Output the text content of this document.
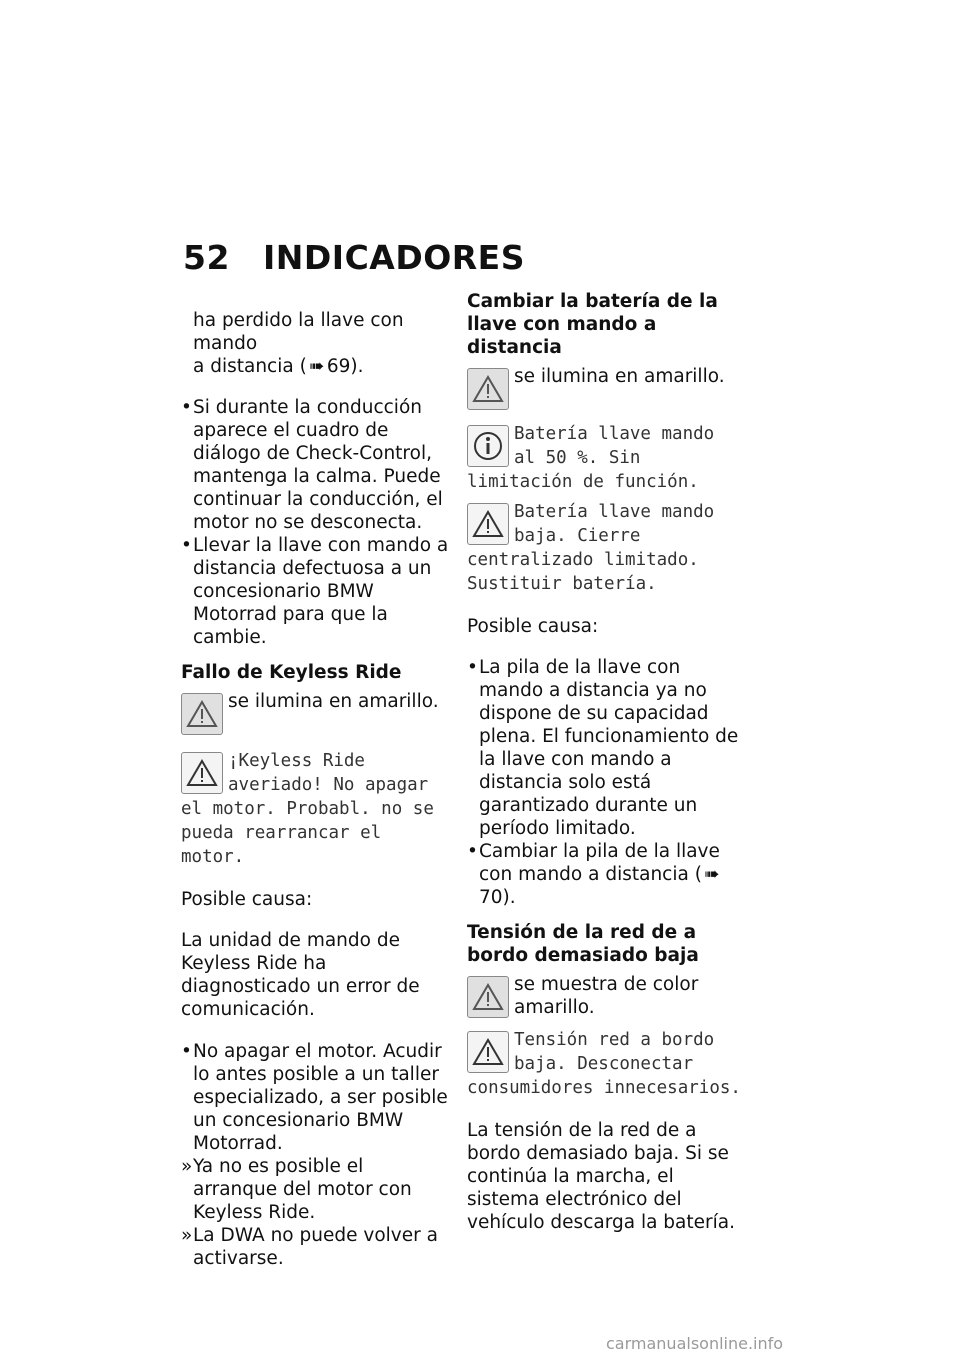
52 INDICADORES

ha perdido la llave con mando
a distancia ( ➠ 69).

• Si durante la conducción aparece el cuadro de diálogo de Check-Control, mantenga la calma. Puede continuar la conducción, el motor no se desconecta.

• Llevar la llave con mando a distancia defectuosa a un concesionario BMW Motorrad para que la cambie.

Fallo de Keyless Ride

se ilumina en amarillo.
¡Keyless Ride averiado! No apagar el motor. Probabl. no se pueda rearrancar el motor.

Posible causa:

La unidad de mando de Keyless Ride ha diagnosticado un error de comunicación.

• No apagar el motor. Acudir lo antes posible a un taller especializado, a ser posible un concesionario BMW Motorrad.

» Ya no es posible el arranque del motor con Keyless Ride.

» La DWA no puede volver a activarse.

Cambiar la batería de la llave con mando a distancia

se ilumina en amarillo.
Batería llave mando al 50 %. Sin limitación de función.
Batería llave mando baja. Cierre centralizado limitado. Sustituir batería.

Posible causa:

• La pila de la llave con mando a distancia ya no dispone de su capacidad plena. El funcionamiento de la llave con mando a distancia solo está garantizado durante un período limitado.

• Cambiar la pila de la llave con mando a distancia ( ➠70).

Tensión de la red de a bordo demasiado baja

se muestra de color amarillo.
Tensión red a bordo baja. Desconectar consumidores innecesarios.

La tensión de la red de a bordo demasiado baja. Si se continúa la marcha, el sistema electrónico del vehículo descarga la batería.

carmanualsonline.info
